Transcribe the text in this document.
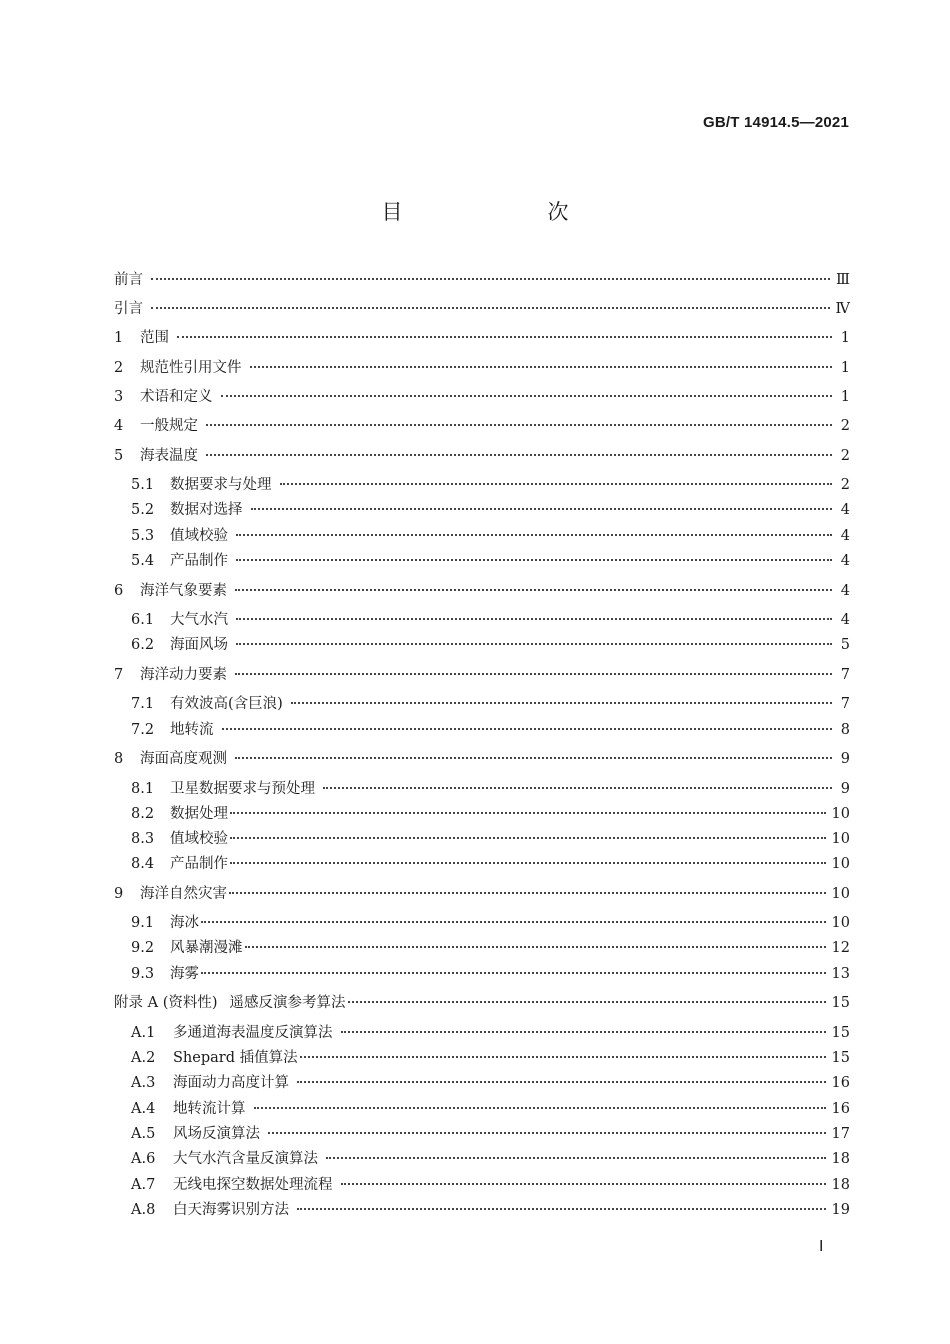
GB/T 14914.5—2021
目　次
前言	Ⅲ
引言	Ⅳ
1	范围	1
2	规范性引用文件	1
3	术语和定义	1
4	一般规定	2
5	海表温度	2
5.1	数据要求与处理	2
5.2	数据对选择	4
5.3	值域校验	4
5.4	产品制作	4
6	海洋气象要素	4
6.1	大气水汽	4
6.2	海面风场	5
7	海洋动力要素	7
7.1	有效波高(含巨浪)	7
7.2	地转流	8
8	海面高度观测	9
8.1	卫星数据要求与预处理	9
8.2	数据处理	10
8.3	值域校验	10
8.4	产品制作	10
9	海洋自然灾害	10
9.1	海冰	10
9.2	风暴潮漫滩	12
9.3	海雾	13
附录 A (资料性) 遥感反演参考算法	15
A.1	多通道海表温度反演算法	15
A.2	Shepard 插值算法	15
A.3	海面动力高度计算	16
A.4	地转流计算	16
A.5	风场反演算法	17
A.6	大气水汽含量反演算法	18
A.7	无线电探空数据处理流程	18
A.8	白天海雾识别方法	19
Ⅰ
